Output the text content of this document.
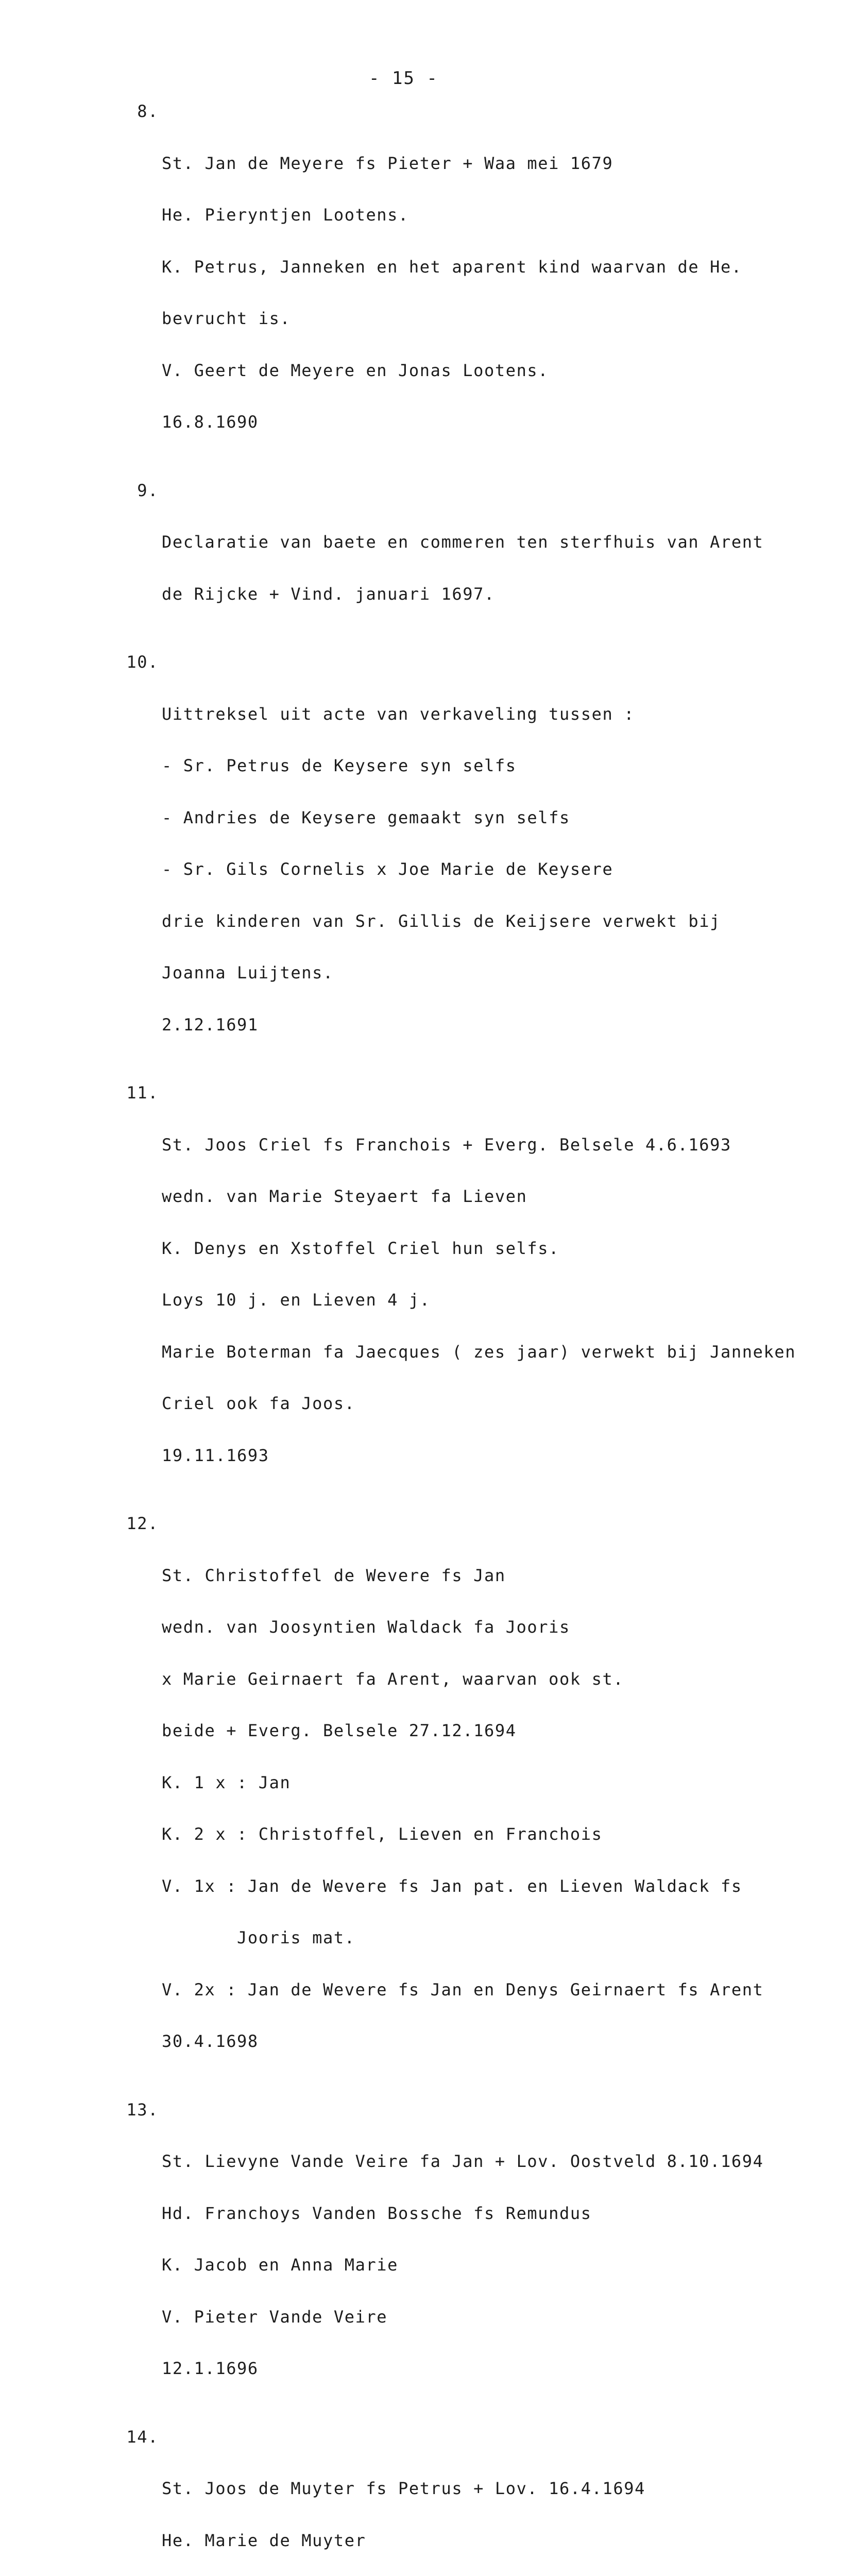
- 15 -

8.

St. Jan de Meyere fs Pieter + Waa mei 1679

He. Pieryntjen Lootens.

K. Petrus, Janneken en het aparent kind waarvan de He.

bevrucht is.

V. Geert de Meyere en Jonas Lootens.

16.8.1690

9.

Declaratie van baete en commeren ten sterfhuis van Arent

de Rijcke + Vind. januari 1697.

10.

Uittreksel uit acte van verkaveling tussen :

- Sr. Petrus de Keysere syn selfs

- Andries de Keysere gemaakt syn selfs

- Sr. Gils Cornelis x Joe Marie de Keysere

drie kinderen van Sr. Gillis de Keijsere verwekt bij

Joanna Luijtens.

2.12.1691

11.

St. Joos Criel fs Franchois + Everg. Belsele 4.6.1693

wedn. van Marie Steyaert fa Lieven

K. Denys en Xstoffel Criel hun selfs.

Loys 10 j. en Lieven 4 j.

Marie Boterman fa Jaecques ( zes jaar) verwekt bij Janneken

Criel ook fa Joos.

19.11.1693

12.

St. Christoffel de Wevere fs Jan

wedn. van Joosyntien Waldack fa Jooris

x Marie Geirnaert fa Arent, waarvan ook st.

beide + Everg. Belsele 27.12.1694

K. 1 x : Jan

K. 2 x : Christoffel, Lieven en Franchois

V. 1x : Jan de Wevere fs Jan pat. en Lieven Waldack fs

Jooris mat.

V. 2x : Jan de Wevere fs Jan en Denys Geirnaert fs Arent

30.4.1698

13.

St. Lievyne Vande Veire fa Jan + Lov. Oostveld 8.10.1694

Hd. Franchoys Vanden Bossche fs Remundus

K. Jacob en Anna Marie

V. Pieter Vande Veire

12.1.1696

14.

St. Joos de Muyter fs Petrus + Lov. 16.4.1694

He. Marie de Muyter
